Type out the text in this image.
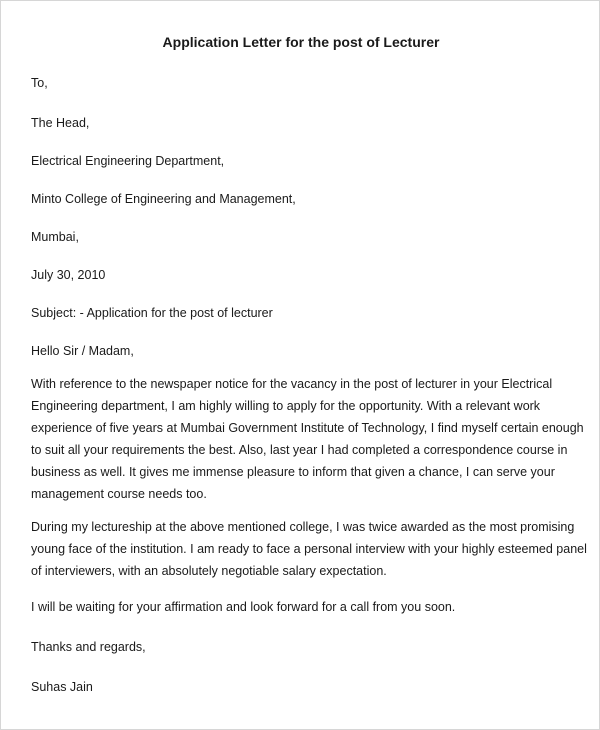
Application Letter for the post of Lecturer

To,

The Head,

Electrical Engineering Department,

Minto College of Engineering and Management,

Mumbai,

July 30, 2010

Subject: - Application for the post of lecturer

Hello Sir / Madam,

With reference to the newspaper notice for the vacancy in the post of lecturer in your Electrical
Engineering department, I am highly willing to apply for the opportunity. With a relevant work
experience of five years at Mumbai Government Institute of Technology, I find myself certain enough
to suit all your requirements the best. Also, last year I had completed a correspondence course in
business as well. It gives me immense pleasure to inform that given a chance, I can serve your
management course needs too.
During my lectureship at the above mentioned college, I was twice awarded as the most promising
young face of the institution. I am ready to face a personal interview with your highly esteemed panel
of interviewers, with an absolutely negotiable salary expectation.
I will be waiting for your affirmation and look forward for a call from you soon.

Thanks and regards,

Suhas Jain
